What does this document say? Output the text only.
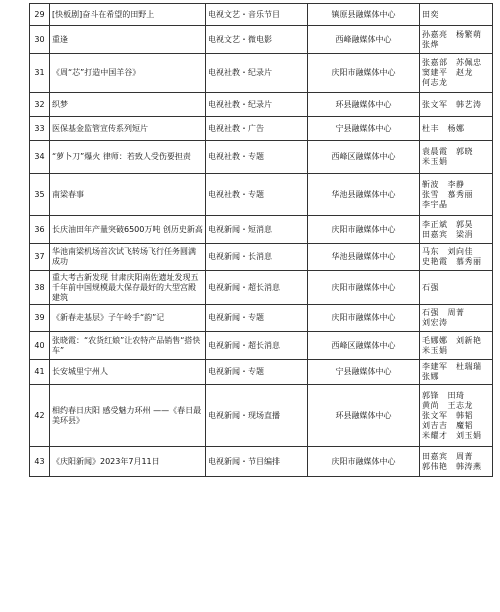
29	[快板剧]奋斗在希望的田野上	电视文艺・音乐节目	镇原县融媒体中心	田奕

30	重逢	电视文艺・微电影	西峰融媒体中心	孙嘉亮　杨繁萌
张烨

31	《周“芯”打造中国羊谷》	电视社教・纪录片	庆阳市融媒体中心	张嘉部　苏佩忠
窦建平　赵龙
何志龙

32	织梦	电视社教・纪录片	环县融媒体中心	张文军　韩艺涛

33	医保基金监管宣传系列短片	电视社教・广告	宁县融媒体中心	杜丰　杨娜

34	“萝卜刀”爆火 律师：若致人受伤要担责	电视社教・专题	西峰区融媒体中心	袁晨霞　郭晓
米玉娟

35	南梁春事	电视社教・专题	华池县融媒体中心	靳波　李静
张雪　慕秀丽
李宇晶

36	长庆油田年产量突破6500万吨 创历史新高	电视新闻・短消息	庆阳市融媒体中心	李正斌　郭昊
田嘉宾　梁涓

37	华池南梁机场首次试飞转场飞行任务圆满成功	电视新闻・长消息	华池县融媒体中心	马东　刘向佳
史艳霞　慕秀丽

38	重大考古新发现 甘肃庆阳南佐遗址发现五千年前中国规模最大保存最好的大型宫殿建筑	电视新闻・超长消息	庆阳市融媒体中心	石强

39	《新春走基层》子午岭手“韵”记	电视新闻・专题	庆阳市融媒体中心	石强　周菁
刘宏涛

40	张晓霞：“农货红娘”让农特产品销售“搭快车”	电视新闻・超长消息	西峰区融媒体中心	毛娜娜　刘新艳
米玉娟

41	长安城里宁州人	电视新闻・专题	宁县融媒体中心	李建军　杜瑞瑞
张娜

42	相约春日庆阳 感受魅力环州 ——《春日最美环县》	电视新闻・现场直播	环县融媒体中心	郭锋　田琦
黄尚　王志龙
张文军　韩韬
刘吉吉　魔韬
米耀才　刘玉娟

43	《庆阳新闻》2023年7月11日	电视新闻・节目编排	庆阳市融媒体中心	田嘉宾　周菁
郭伟艳　韩涛燕
